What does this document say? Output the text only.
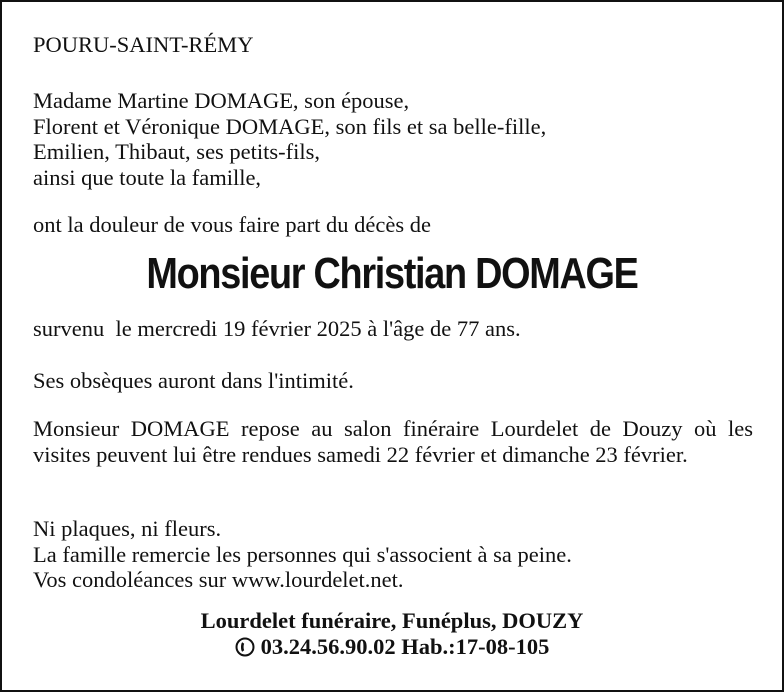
POURU-SAINT-RÉMY
Madame Martine DOMAGE, son épouse,
Florent et Véronique DOMAGE, son fils et sa belle-fille,
Emilien, Thibaut, ses petits-fils,
ainsi que toute la famille,
ont la douleur de vous faire part du décès de
Monsieur Christian DOMAGE
survenu  le mercredi 19 février 2025 à l'âge de 77 ans.
Ses obsèques auront dans l'intimité.
Monsieur DOMAGE repose au salon finéraire Lourdelet de Douzy où les visites peuvent lui être rendues samedi 22 février et dimanche 23 février.
Ni plaques, ni fleurs.
La famille remercie les personnes qui s'associent à sa peine.
Vos condoléances sur www.lourdelet.net.
Lourdelet funéraire, Funéplus, DOUZY
03.24.56.90.02 Hab.:17-08-105
